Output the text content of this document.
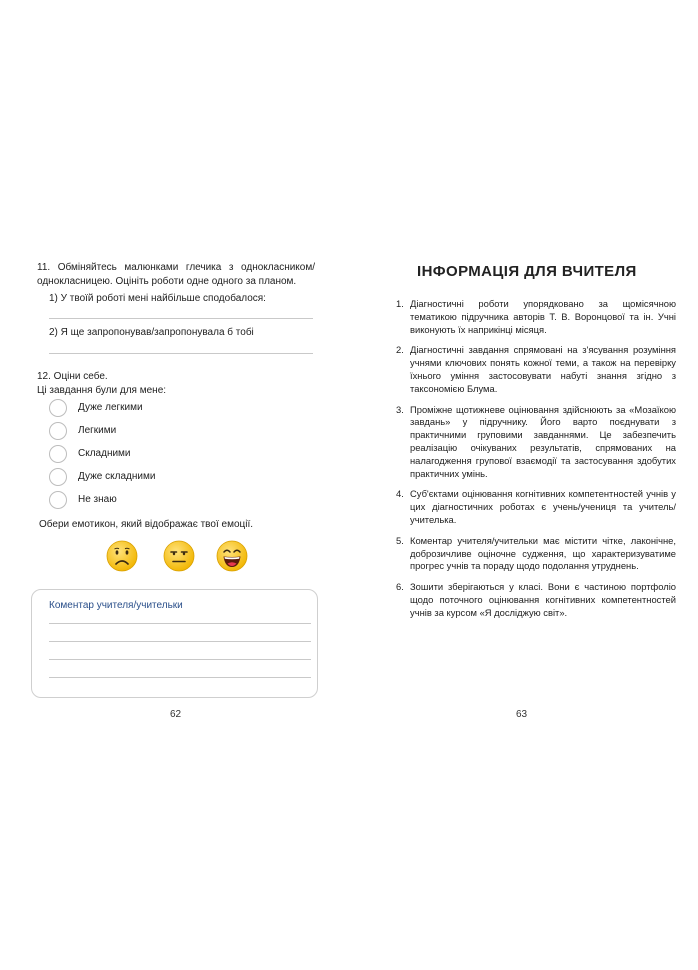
11. Обміняйтесь малюнками глечика з однокласником/однокласницею. Оцініть роботи одне одного за планом.
1) У твоїй роботі мені найбільше сподобалося:
2) Я ще запропонував/запропонувала б тобі
12. Оціни себе.
Ці завдання були для мене:
Дуже легкими
Легкими
Складними
Дуже складними
Не знаю
Обери емотикон, який відображає твої емоції.
Коментар учителя/учительки
62
ІНФОРМАЦІЯ ДЛЯ ВЧИТЕЛЯ
1. Діагностичні роботи упорядковано за щомісячною тематикою підручника авторів Т. В. Воронцової та ін. Учні виконують їх наприкінці місяця.
2. Діагностичні завдання спрямовані на з'ясування розуміння учнями ключових понять кожної теми, а також на перевірку їхнього уміння застосовувати набуті знання згідно з таксономією Блума.
3. Проміжне щотижневе оцінювання здійснюють за «Мозаїкою завдань» у підручнику. Його варто поєднувати з практичними груповими завданнями. Це забезпечить реалізацію очікуваних результатів, спрямованих на налагодження групової взаємодії та застосування здобутих практичних умінь.
4. Суб'єктами оцінювання когнітивних компетентностей учнів у цих діагностичних роботах є учень/учениця та учитель/учителька.
5. Коментар учителя/учительки має містити чітке, лаконічне, доброзичливе оціночне судження, що характеризуватиме прогрес учнів та пораду щодо подолання утруднень.
6. Зошити зберігаються у класі. Вони є частиною портфоліо щодо поточного оцінювання когнітивних компетентностей учнів за курсом «Я досліджую світ».
63
